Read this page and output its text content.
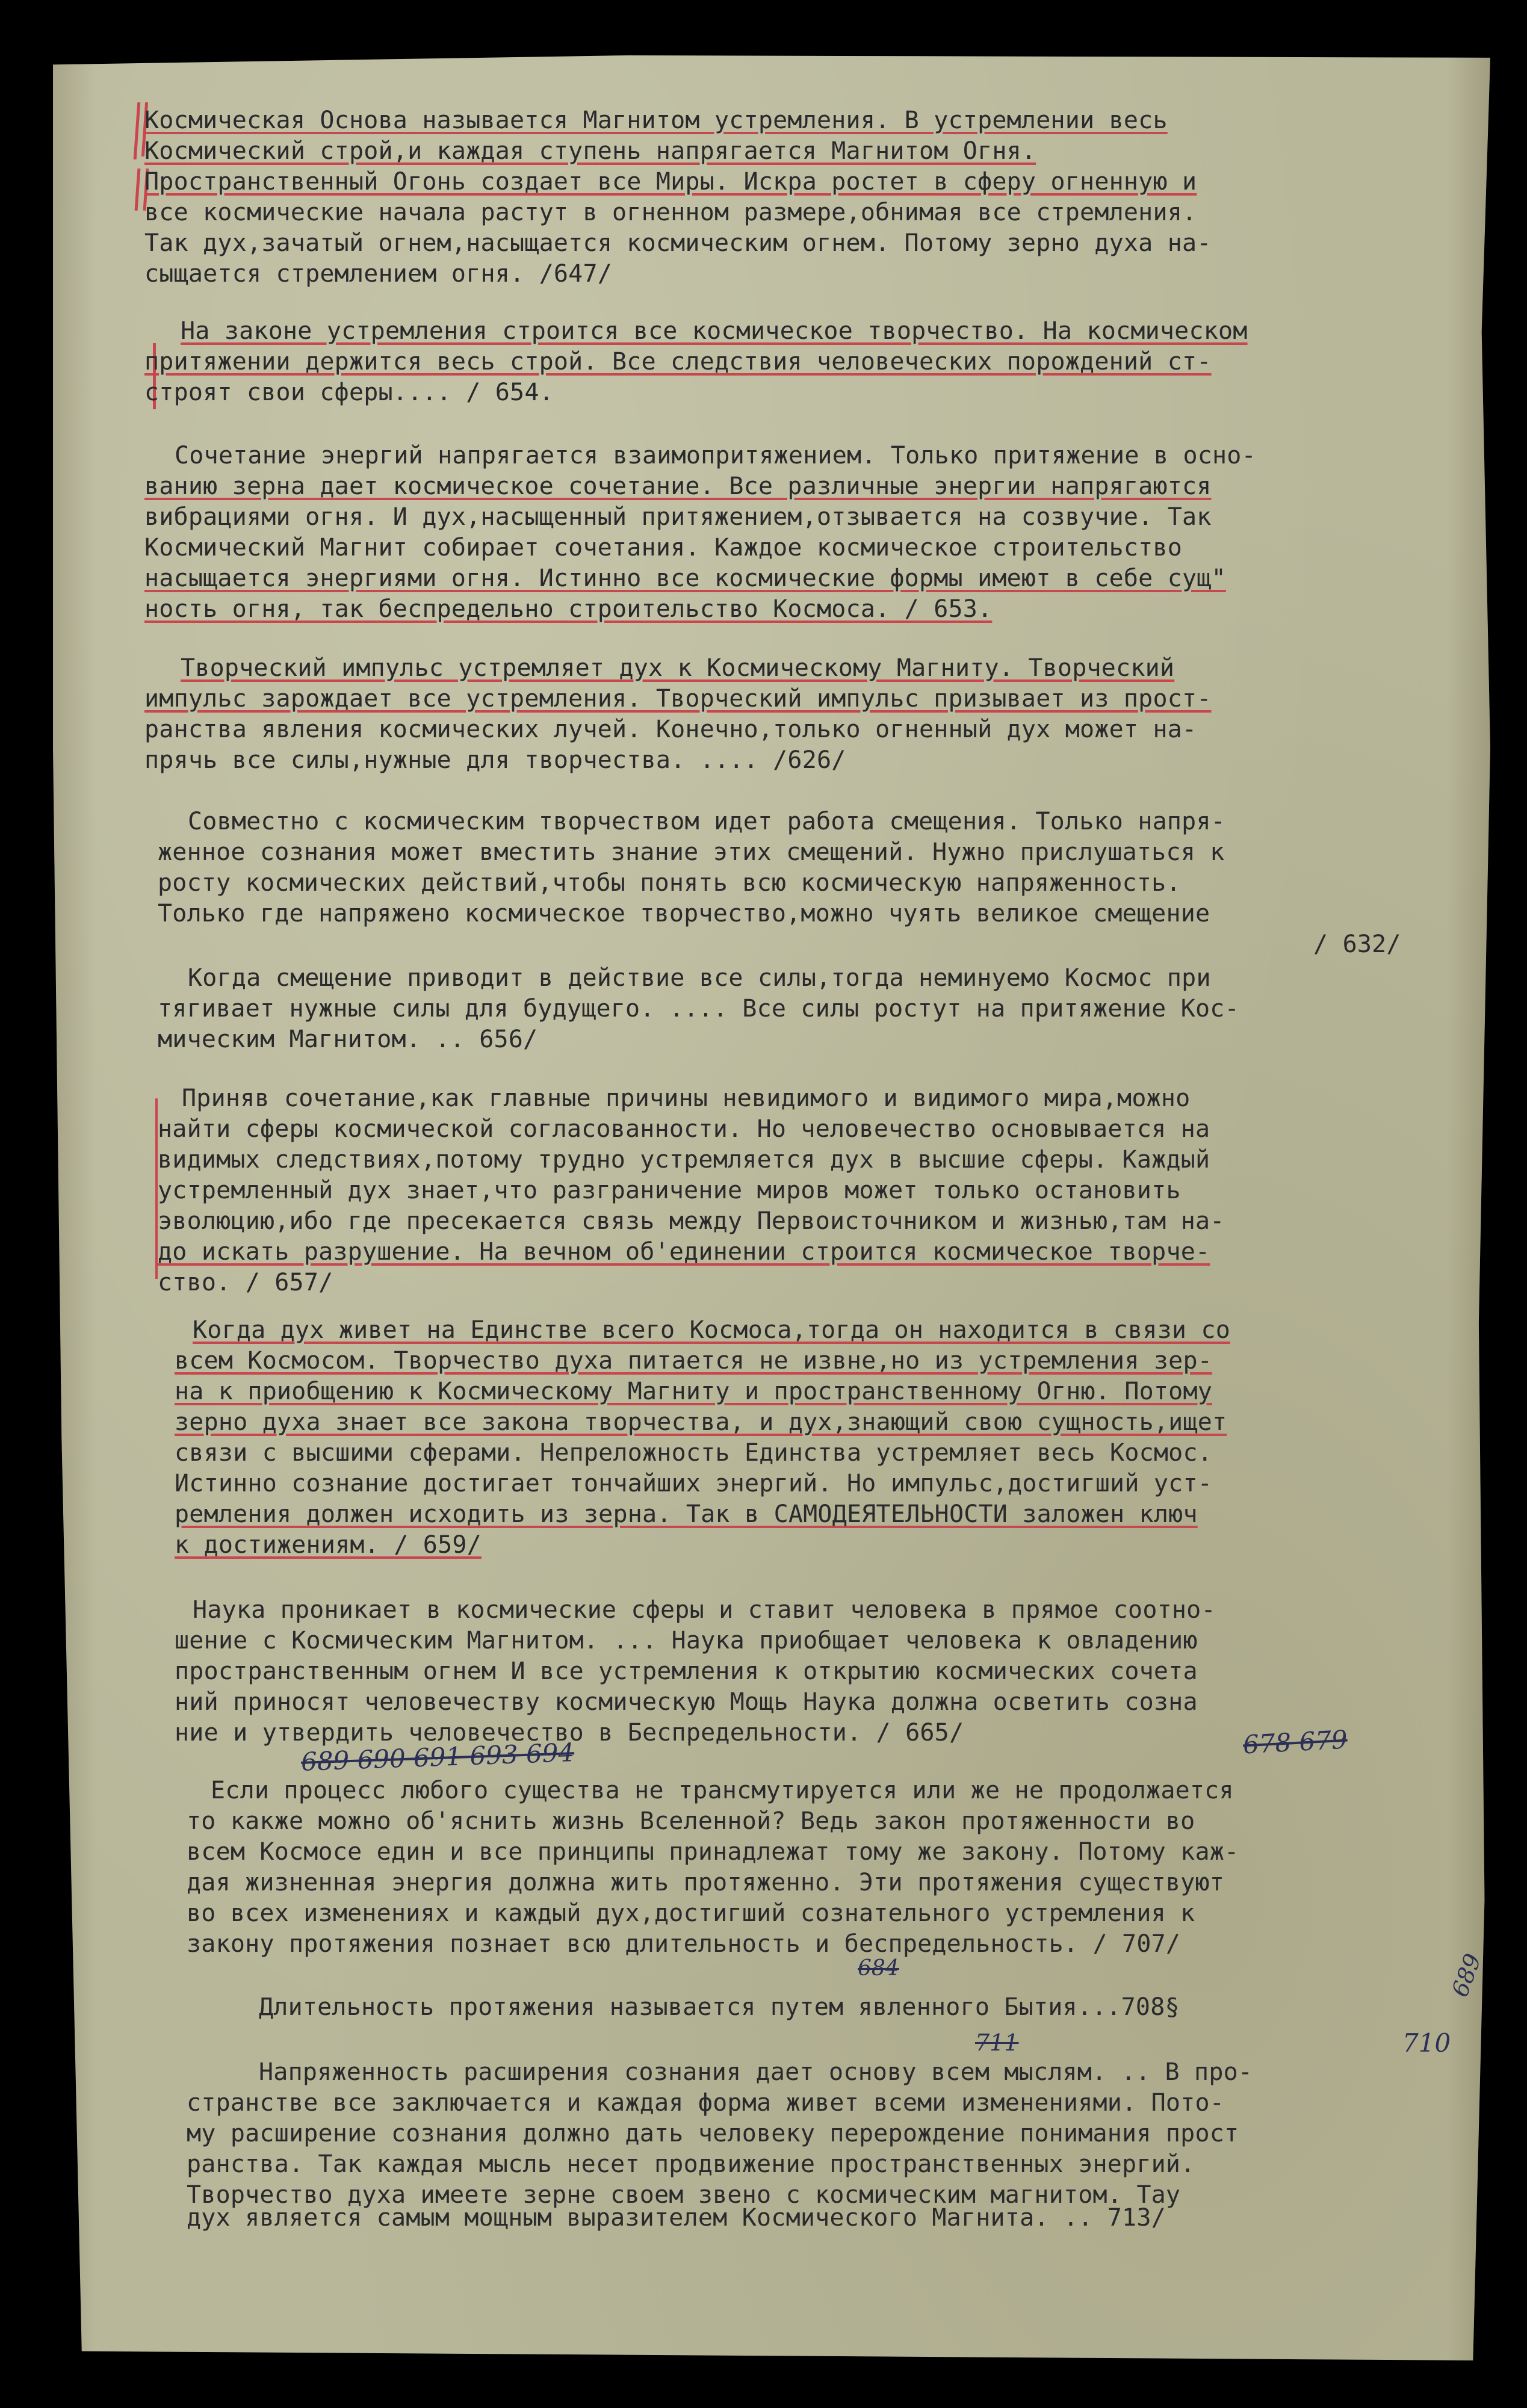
Космическая Основа называется Магнитом устремления. В устремлении весь
Космический строй,и каждая ступень напрягается Магнитом Огня.
Пространственный Огонь создает все Миры. Искра ростет в сферу огненную и
все космические начала растут в огненном размере,обнимая все стремления.
Так дух,зачатый огнем,насыщается космическим огнем. Потому зерно духа на-
сыщается стремлением огня. /647/
На законе устремления строится все космическое творчество. На космическом
притяжении держится весь строй. Все следствия человеческих порождений ст-
строят свои сферы.... / 654.
Сочетание энергий напрягается взаимопритяжением. Только притяжение в осно-
ванию зерна дает космическое сочетание. Все различные энергии напрягаются
вибрациями огня. И дух,насыщенный притяжением,отзывается на созвучие. Так
Космический Магнит собирает сочетания. Каждое космическое строительство
насыщается энергиями огня. Истинно все космические формы имеют в себе сущ"
ность огня, так беспредельно строительство Космоса. / 653.
Творческий импульс устремляет дух к Космическому Магниту. Творческий
импульс зарождает все устремления. Творческий импульс призывает из прост-
ранства явления космических лучей. Конечно,только огненный дух может на-
прячь все силы,нужные для творчества. .... /626/
Совместно с космическим творчеством идет работа смещения. Только напря-
женное сознания может вместить знание этих смещений. Нужно прислушаться к
росту космических действий,чтобы понять всю космическую напряженность.
Только где напряжено космическое творчество,можно чуять великое смещение
/ 632/
Когда смещение приводит в действие все силы,тогда неминуемо Космос при
тягивает нужные силы для будущего. .... Все силы ростут на притяжение Кос-
мическим Магнитом. .. 656/
Приняв сочетание,как главные причины невидимого и видимого мира,можно
найти сферы космической согласованности. Но человечество основывается на
видимых следствиях,потому трудно устремляется дух в высшие сферы. Каждый
устремленный дух знает,что разграничение миров может только остановить
эволюцию,ибо где пресекается связь между Первоисточником и жизнью,там на-
до искать разрушение. На вечном об'единении строится космическое творче-
ство. / 657/
Когда дух живет на Единстве всего Космоса,тогда он находится в связи со
всем Космосом. Творчество духа питается не извне,но из устремления зер-
на к приобщению к Космическому Магниту и пространственному Огню. Потому
зерно духа знает все закона творчества, и дух,знающий свою сущность,ищет
связи с высшими сферами. Непреложность Единства устремляет весь Космос.
Истинно сознание достигает тончайших энергий. Но импульс,достигший уст-
ремления должен исходить из зерна. Так в САМОДЕЯТЕЛЬНОСТИ заложен ключ
к достижениям. / 659/
Наука проникает в космические сферы и ставит человека в прямое соотно-
шение с Космическим Магнитом. ... Наука приобщает человека к овладению
пространственным огнем И все устремления к открытию космических сочета
ний приносят человечеству космическую Мощь Наука должна осветить созна
ние и утвердить человечество в Беспредельности. / 665/
Если процесс любого существа не трансмутируется или же не продолжается
то какже можно об'яснить жизнь Вселенной? Ведь закон протяженности во
всем Космосе един и все принципы принадлежат тому же закону. Потому каж-
дая жизненная энергия должна жить протяженно. Эти протяжения существуют
во всех изменениях и каждый дух,достигший сознательного устремления к
закону протяжения познает всю длительность и беспредельность. / 707/
Длительность протяжения называется путем явленного Бытия...708§
Напряженность расширения сознания дает основу всем мыслям. .. В про-
странстве все заключается и каждая форма живет всеми изменениями. Пото-
му расширение сознания должно дать человеку перерождение понимания прост
ранства. Так каждая мысль несет продвижение пространственных энергий.
Творчество духа имеете зерне своем звено с космическим магнитом. Тау
дух является самым мощным выразителем Космического Магнита. .. 713/
689 690 691 693 694	678 679
684	689
710
711
